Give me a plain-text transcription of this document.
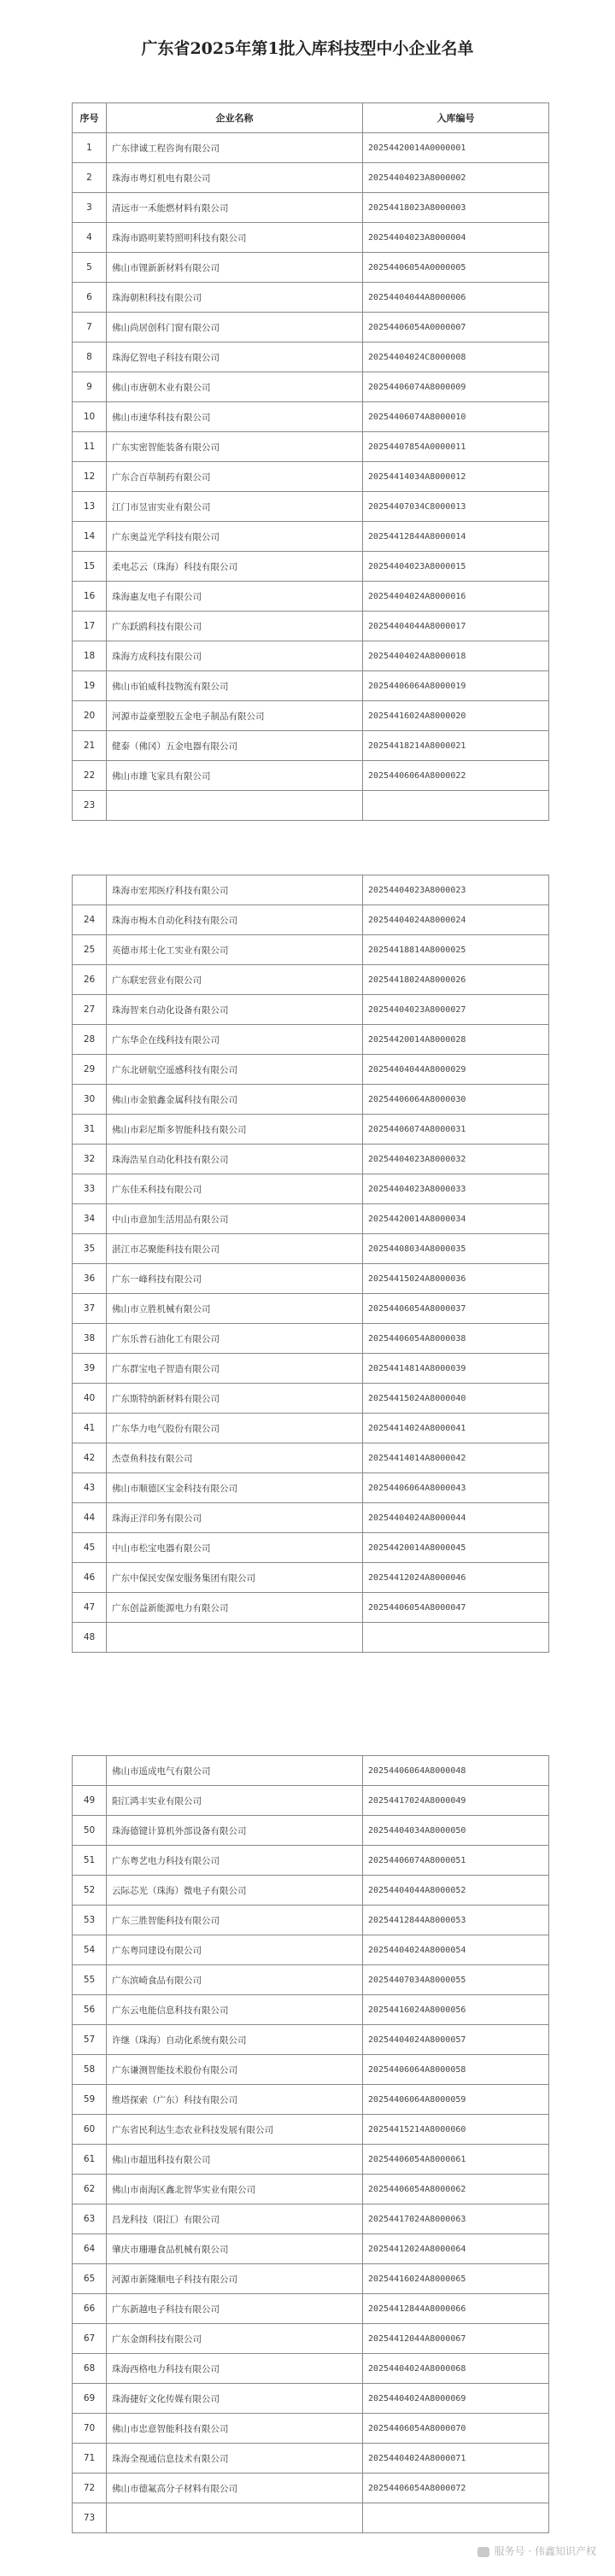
广东省2025年第1批入库科技型中小企业名单
序号	企业名称	入库编号
1	广东律诚工程咨询有限公司	20254420014A0000001
2	珠海市粤灯机电有限公司	20254404023A8000002
3	清远市一禾能燃材料有限公司	20254418023A8000003
4	珠海市路明莱特照明科技有限公司	20254404023A8000004
5	佛山市锂新新材料有限公司	20254406054A0000005
6	珠海朝积科技有限公司	20254404044A8000006
7	佛山尚居创科门窗有限公司	20254406054A0000007
8	珠海亿智电子科技有限公司	20254404024C8000008
9	佛山市唐朝木业有限公司	20254406074A8000009
10	佛山市速华科技有限公司	20254406074A8000010
11	广东实密智能装备有限公司	20254407854A0000011
12	广东合百草制药有限公司	20254414034A8000012
13	江门市昱宙实业有限公司	20254407034C8000013
14	广东奥益光学科技有限公司	20254412844A8000014
15	柔电芯云（珠海）科技有限公司	20254404023A8000015
16	珠海惠友电子有限公司	20254404024A8000016
17	广东跃鸥科技有限公司	20254404044A8000017
18	珠海方成科技有限公司	20254404024A8000018
19	佛山市铂威科技物流有限公司	20254406064A8000019
20	河源市益豪塑胶五金电子制品有限公司	20254416024A8000020
21	健泰（佛冈）五金电器有限公司	20254418214A8000021
22	佛山市雄飞家具有限公司	20254406064A8000022
23		
	珠海市宏邦医疗科技有限公司	20254404023A8000023
24	珠海市梅木自动化科技有限公司	20254404024A8000024
25	英德市邦士化工实业有限公司	20254418814A8000025
26	广东联宏营业有限公司	20254418024A8000026
27	珠海智来自动化设备有限公司	20254404023A8000027
28	广东华企在线科技有限公司	20254420014A8000028
29	广东北研航空遥感科技有限公司	20254404044A8000029
30	佛山市金狼鑫金属科技有限公司	20254406064A8000030
31	佛山市彩尼斯多智能科技有限公司	20254406074A8000031
32	珠海浩星自动化科技有限公司	20254404023A8000032
33	广东佳禾科技有限公司	20254404023A8000033
34	中山市意加生活用品有限公司	20254420014A8000034
35	湛江市芯聚能科技有限公司	20254408034A8000035
36	广东一峰科技有限公司	20254415024A8000036
37	佛山市立胜机械有限公司	20254406054A8000037
38	广东乐普石油化工有限公司	20254406054A8000038
39	广东群宝电子智造有限公司	20254414814A8000039
40	广东斯特纳新材料有限公司	20254415024A8000040
41	广东华力电气股份有限公司	20254414024A8000041
42	杰壹鱼科技有限公司	20254414014A8000042
43	佛山市顺德区宝金科技有限公司	20254406064A8000043
44	珠海正洋印务有限公司	20254404024A8000044
45	中山市松宝电器有限公司	20254420014A8000045
46	广东中保民安保安服务集团有限公司	20254412024A8000046
47	广东创益新能源电力有限公司	20254406054A8000047
48		
	佛山市遥成电气有限公司	20254406064A8000048
49	阳江鸿丰实业有限公司	20254417024A8000049
50	珠海德键计算机外部设备有限公司	20254404034A8000050
51	广东粤艺电力科技有限公司	20254406074A8000051
52	云际芯光（珠海）微电子有限公司	20254404044A8000052
53	广东三胜智能科技有限公司	20254412844A8000053
54	广东粤同建设有限公司	20254404024A8000054
55	广东滨崎食品有限公司	20254407034A8000055
56	广东云电能信息科技有限公司	20254416024A8000056
57	许继（珠海）自动化系统有限公司	20254404024A8000057
58	广东谦测智能技术股份有限公司	20254406064A8000058
59	维塔探索（广东）科技有限公司	20254406064A8000059
60	广东省民利达生态农业科技发展有限公司	20254415214A8000060
61	佛山市超迅科技有限公司	20254406054A8000061
62	佛山市南海区鑫北智华实业有限公司	20254406054A8000062
63	昌龙科技（阳江）有限公司	20254417024A8000063
64	肇庆市珊珊食品机械有限公司	20254412024A8000064
65	河源市新隆顺电子科技有限公司	20254416024A8000065
66	广东新越电子科技有限公司	20254412844A8000066
67	广东金朗科技有限公司	20254412044A8000067
68	珠海西格电力科技有限公司	20254404024A8000068
69	珠海捷好文化传媒有限公司	20254404024A8000069
70	佛山市忠意智能科技有限公司	20254406054A8000070
71	珠海全视通信息技术有限公司	20254404024A8000071
72	佛山市德氟高分子材料有限公司	20254406054A8000072
73		
服务号 · 伟鑫知识产权
